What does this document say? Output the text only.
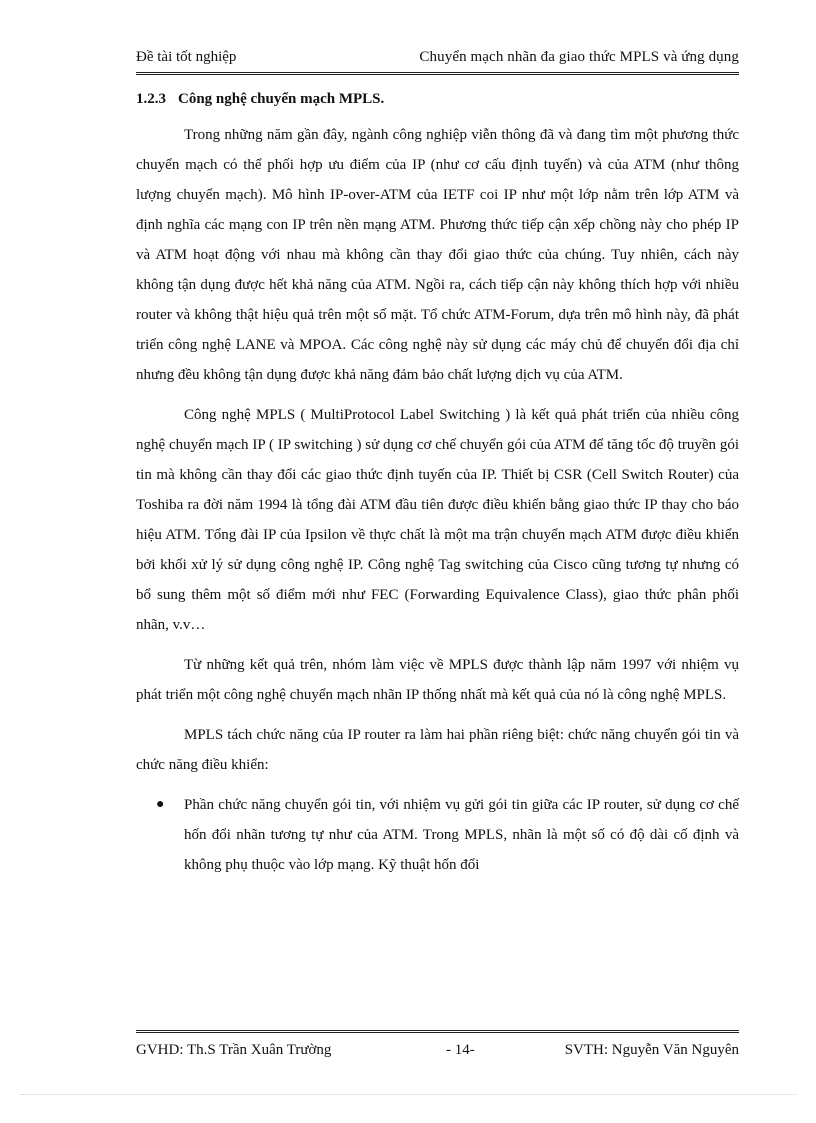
Đề tài tốt nghiệp	Chuyển mạch nhãn đa giao thức MPLS và ứng dụng
1.2.3 Công nghệ chuyển mạch MPLS.

Trong những năm gần đây, ngành công nghiệp viễn thông đã và đang tìm một phương thức chuyển mạch có thể phối hợp ưu điểm của IP (như cơ cấu định tuyến) và của ATM (như thông lượng chuyển mạch). Mô hình IP-over-ATM của IETF coi IP như một lớp nằm trên lớp ATM và định nghĩa các mạng con IP trên nền mạng ATM. Phương thức tiếp cận xếp chồng này cho phép IP và ATM hoạt động với nhau mà không cần thay đổi giao thức của chúng. Tuy nhiên, cách này không tận dụng được hết khả năng của ATM. Ngồi ra, cách tiếp cận này không thích hợp với nhiều router và không thật hiệu quả trên một số mặt. Tổ chức ATM-Forum, dựa trên mô hình này, đã phát triển công nghệ LANE và MPOA. Các công nghệ này sử dụng các máy chủ để chuyển đổi địa chỉ nhưng đều không tận dụng được khả năng đảm bảo chất lượng dịch vụ của ATM.

Công nghệ MPLS ( MultiProtocol Label Switching ) là kết quả phát triển của nhiều công nghệ chuyển mạch IP ( IP switching ) sử dụng cơ chế chuyển gói của ATM để tăng tốc độ truyền gói tin mà không cần thay đổi các giao thức định tuyến của IP. Thiết bị CSR (Cell Switch Router) của Toshiba ra đời năm 1994 là tổng đài ATM đầu tiên được điều khiển bằng giao thức IP thay cho báo hiệu ATM. Tổng đài IP của Ipsilon về thực chất là một ma trận chuyển mạch ATM được điều khiển bởi khối xử lý sử dụng công nghệ IP. Công nghệ Tag switching của Cisco cũng tương tự nhưng có bổ sung thêm một số điểm mới như FEC (Forwarding Equivalence Class), giao thức phân phối nhãn, v.v…

Từ những kết quả trên, nhóm làm việc về MPLS được thành lập năm 1997 với nhiệm vụ phát triển một công nghệ chuyển mạch nhãn IP thống nhất mà kết quả của nó là công nghệ MPLS.

MPLS tách chức năng của IP router ra làm hai phần riêng biệt: chức năng chuyển gói tin và chức năng điều khiển:

● Phần chức năng chuyển gói tin, với nhiệm vụ gửi gói tin giữa các IP router, sử dụng cơ chế hốn đổi nhãn tương tự như của ATM. Trong MPLS, nhãn là một số có độ dài cố định và không phụ thuộc vào lớp mạng. Kỹ thuật hốn đổi
GVHD: Th.S Trần Xuân Trường	- 14-	SVTH: Nguyễn Văn Nguyên
